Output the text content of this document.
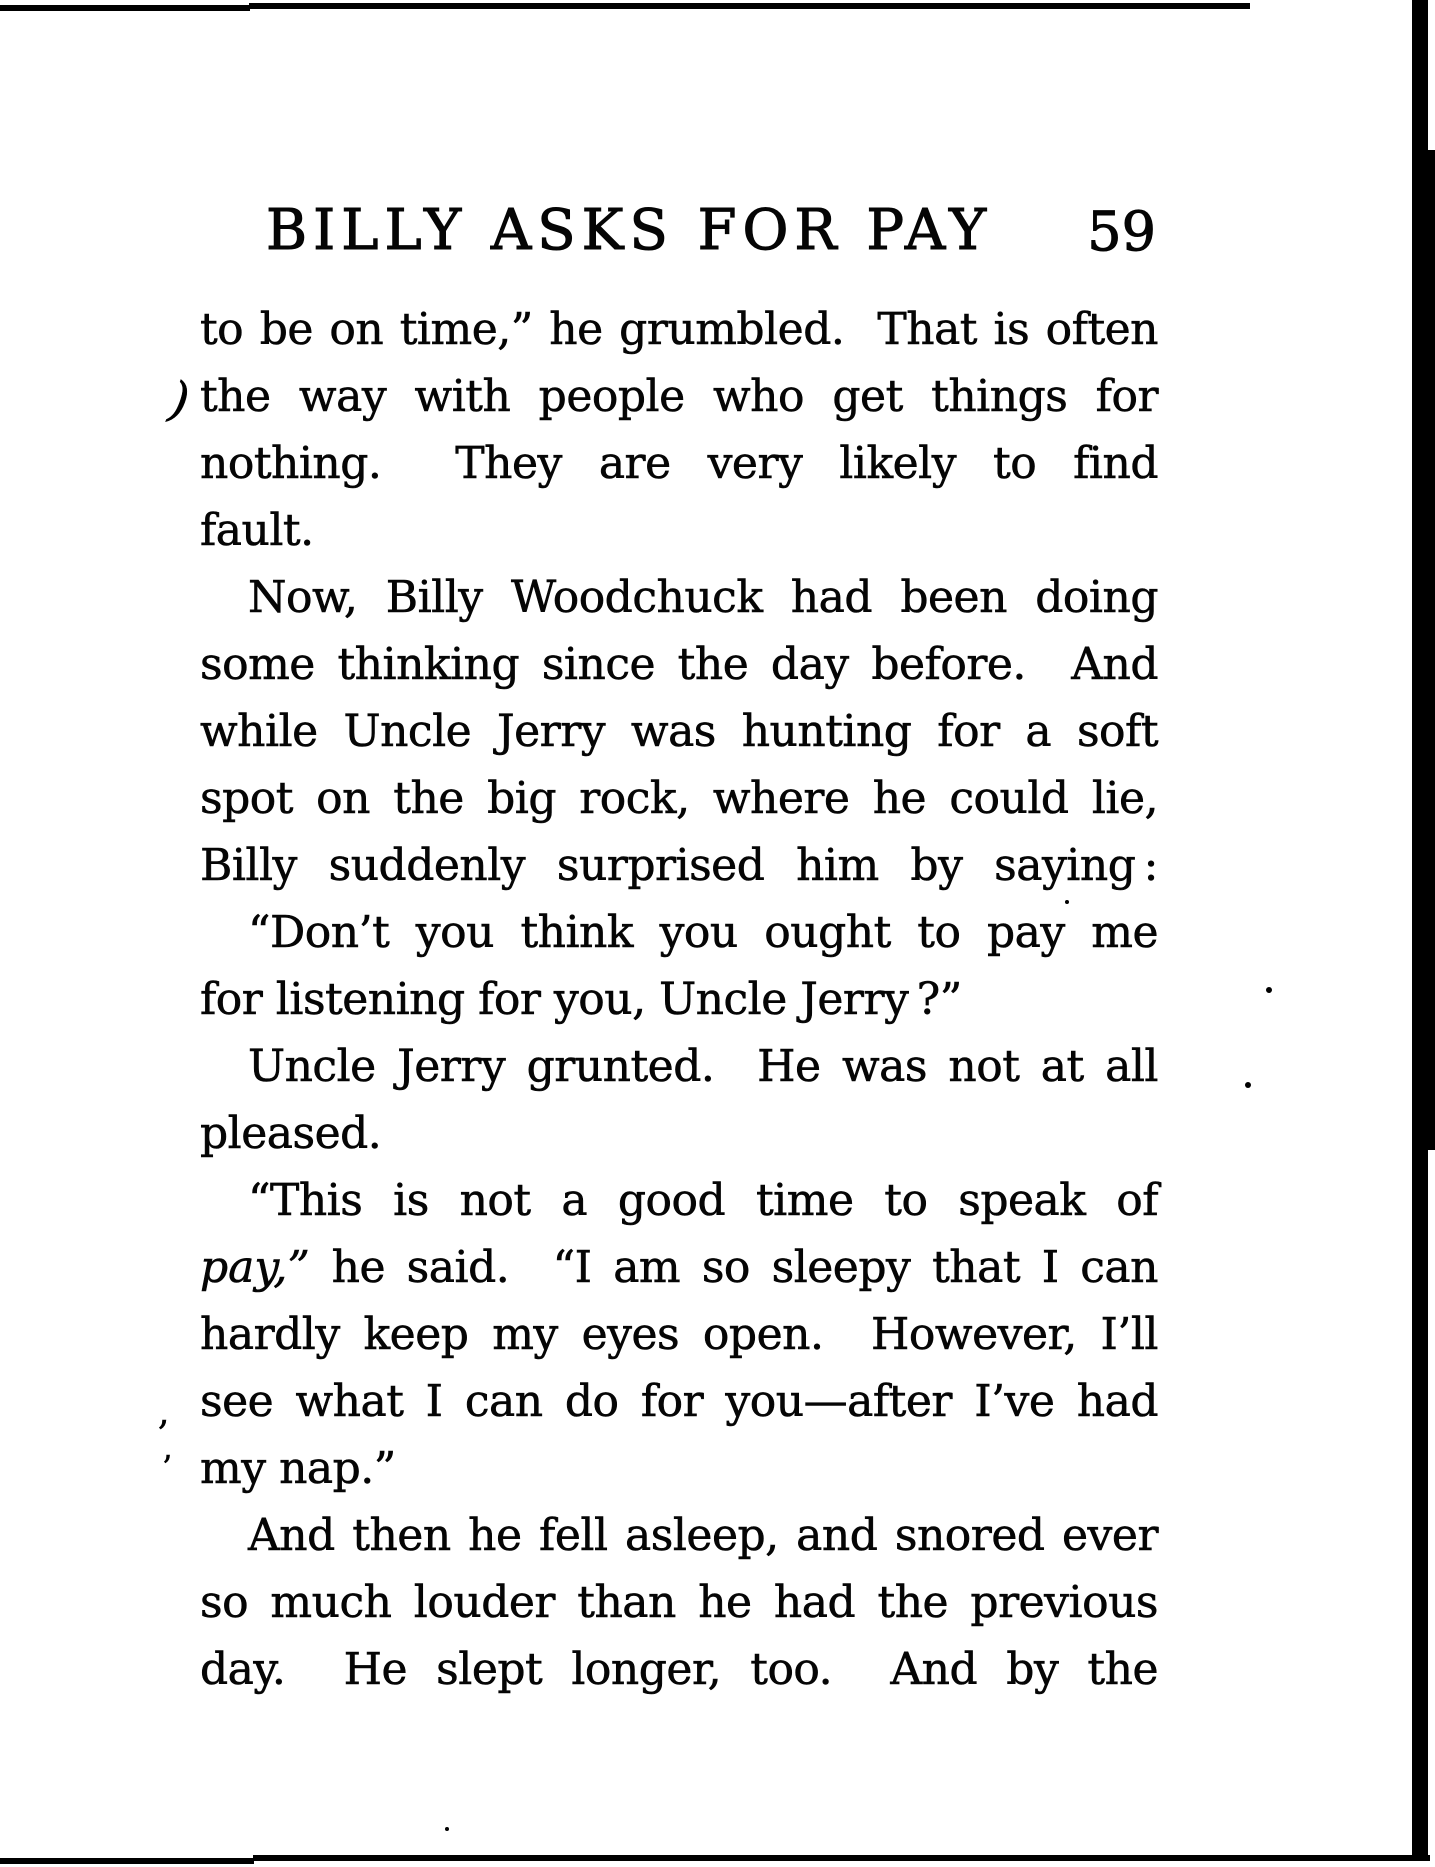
BILLY ASKS FOR PAY 59
to be on time,” he grumbled.  That is often
the way with people who get things for
nothing.  They are very likely to find
fault.
Now, Billy Woodchuck had been doing
some thinking since the day before.  And
while Uncle Jerry was hunting for a soft
spot on the big rock, where he could lie,
Billy suddenly surprised him by saying :
“Don’t you think you ought to pay me
for listening for you, Uncle Jerry ?”
Uncle Jerry grunted.  He was not at all
pleased.
“This is not a good time to speak of
pay,” he said.  “I am so sleepy that I can
hardly keep my eyes open.  However, I’ll
see what I can do for you—after I’ve had
my nap.”
And then he fell asleep, and snored ever
so much louder than he had the previous
day.  He slept longer, too.  And by the
)
,
’
